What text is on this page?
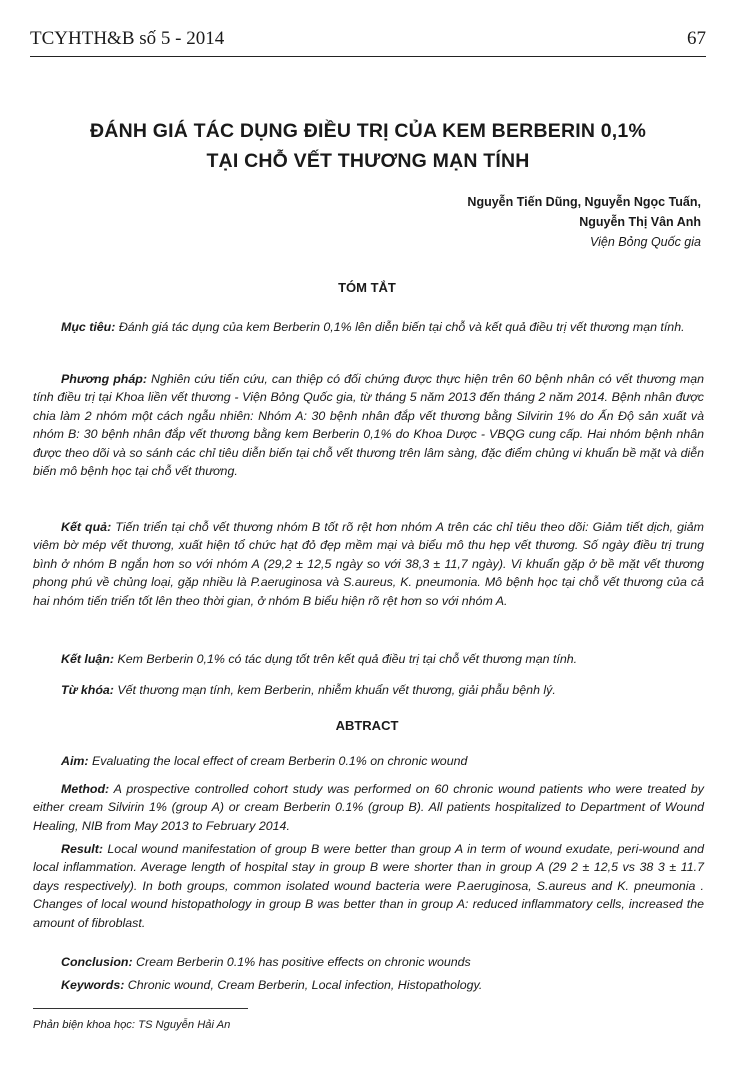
TCYHTH&B số 5 - 2014	67
ĐÁNH GIÁ TÁC DỤNG ĐIỀU TRỊ CỦA KEM BERBERIN 0,1%
TẠI CHỖ VẾT THƯƠNG MẠN TÍNH
Nguyễn Tiến Dũng, Nguyễn Ngọc Tuấn,
Nguyễn Thị Vân Anh
Viện Bỏng Quốc gia
TÓM TẮT

Mục tiêu: Đánh giá tác dụng của kem Berberin 0,1% lên diễn biến tại chỗ và kết quả điều trị vết thương mạn tính.

Phương pháp: Nghiên cứu tiến cứu, can thiệp có đối chứng được thực hiện trên 60 bệnh nhân có vết thương mạn tính điều trị tại Khoa liền vết thương - Viện Bỏng Quốc gia, từ tháng 5 năm 2013 đến tháng 2 năm 2014. Bệnh nhân được chia làm 2 nhóm một cách ngẫu nhiên: Nhóm A: 30 bệnh nhân đắp vết thương bằng Silvirin 1% do Ấn Độ sản xuất và nhóm B: 30 bệnh nhân đắp vết thương bằng kem Berberin 0,1% do Khoa Dược - VBQG cung cấp. Hai nhóm bệnh nhân được theo dõi và so sánh các chỉ tiêu diễn biến tại chỗ vết thương trên lâm sàng, đặc điểm chủng vi khuẩn bề mặt và diễn biến mô bệnh học tại chỗ vết thương.

Kết quả: Tiến triển tại chỗ vết thương nhóm B tốt rõ rệt hơn nhóm A trên các chỉ tiêu theo dõi: Giảm tiết dịch, giảm viêm bờ mép vết thương, xuất hiện tổ chức hạt đỏ đẹp mềm mại và biểu mô thu hẹp vết thương. Số ngày điều trị trung bình ở nhóm B ngắn hơn so với nhóm A (29,2 ± 12,5 ngày so với 38,3 ± 11,7 ngày). Vi khuẩn gặp ở bề mặt vết thương phong phú về chủng loại, gặp nhiều là P.aeruginosa và S.aureus, K. pneumonia. Mô bệnh học tại chỗ vết thương của cả hai nhóm tiến triển tốt lên theo thời gian, ở nhóm B biểu hiện rõ rệt hơn so với nhóm A.

Kết luận: Kem Berberin 0,1% có tác dụng tốt trên kết quả điều trị tại chỗ vết thương mạn tính.

Từ khóa: Vết thương mạn tính, kem Berberin, nhiễm khuẩn vết thương, giải phẫu bệnh lý.

ABTRACT

Aim: Evaluating the local effect of cream Berberin 0.1% on chronic wound

Method: A prospective controlled cohort study was performed on 60 chronic wound patients who were treated by either cream Silvirin 1% (group A) or cream Berberin 0.1% (group B). All patients hospitalized to Department of Wound Healing, NIB from May 2013 to February 2014.

Result: Local wound manifestation of group B were better than group A in term of wound exudate, peri-wound and local inflammation. Average length of hospital stay in group B were shorter than in group A (29 2 ± 12,5 vs 38 3 ± 11.7 days respectively). In both groups, common isolated wound bacteria were P.aeruginosa, S.aureus and K. pneumonia . Changes of local wound histopathology in group B was better than in group A: reduced inflammatory cells, increased the amount of fibroblast.

Conclusion: Cream Berberin 0.1% has positive effects on chronic wounds

Keywords: Chronic wound, Cream Berberin, Local infection, Histopathology.

Phản biện khoa học: TS Nguyễn Hải An
